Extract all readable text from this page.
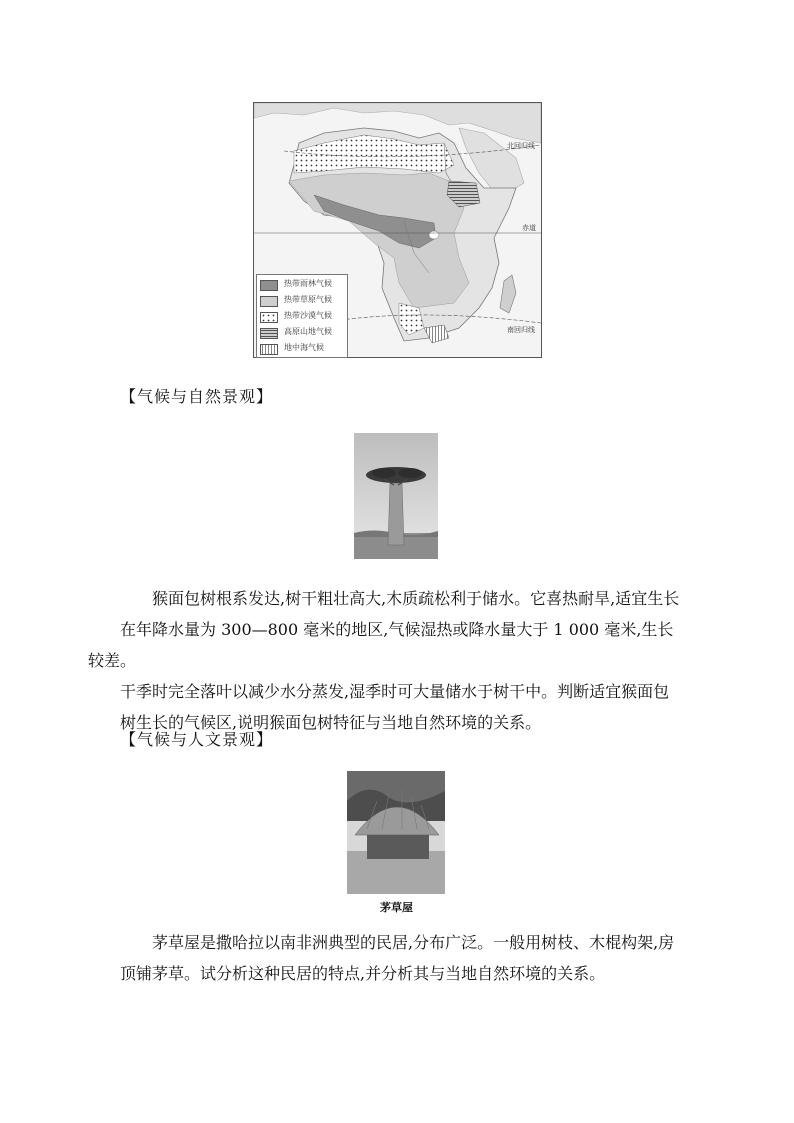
北回归线
赤道
南回归线
热带雨林气候
热带草原气候
热带沙漠气候
高原山地气候
地中海气候
【气候与自然景观】
猴面包树根系发达,树干粗壮高大,木质疏松利于储水。它喜热耐旱,适宜生长
在年降水量为 300—800 毫米的地区,气候湿热或降水量大于 1 000 毫米,生长较差。
干季时完全落叶以减少水分蒸发,湿季时可大量储水于树干中。判断适宜猴面包
树生长的气候区,说明猴面包树特征与当地自然环境的关系。
【气候与人文景观】
茅草屋
茅草屋是撒哈拉以南非洲典型的民居,分布广泛。一般用树枝、木棍构架,房
顶铺茅草。试分析这种民居的特点,并分析其与当地自然环境的关系。
